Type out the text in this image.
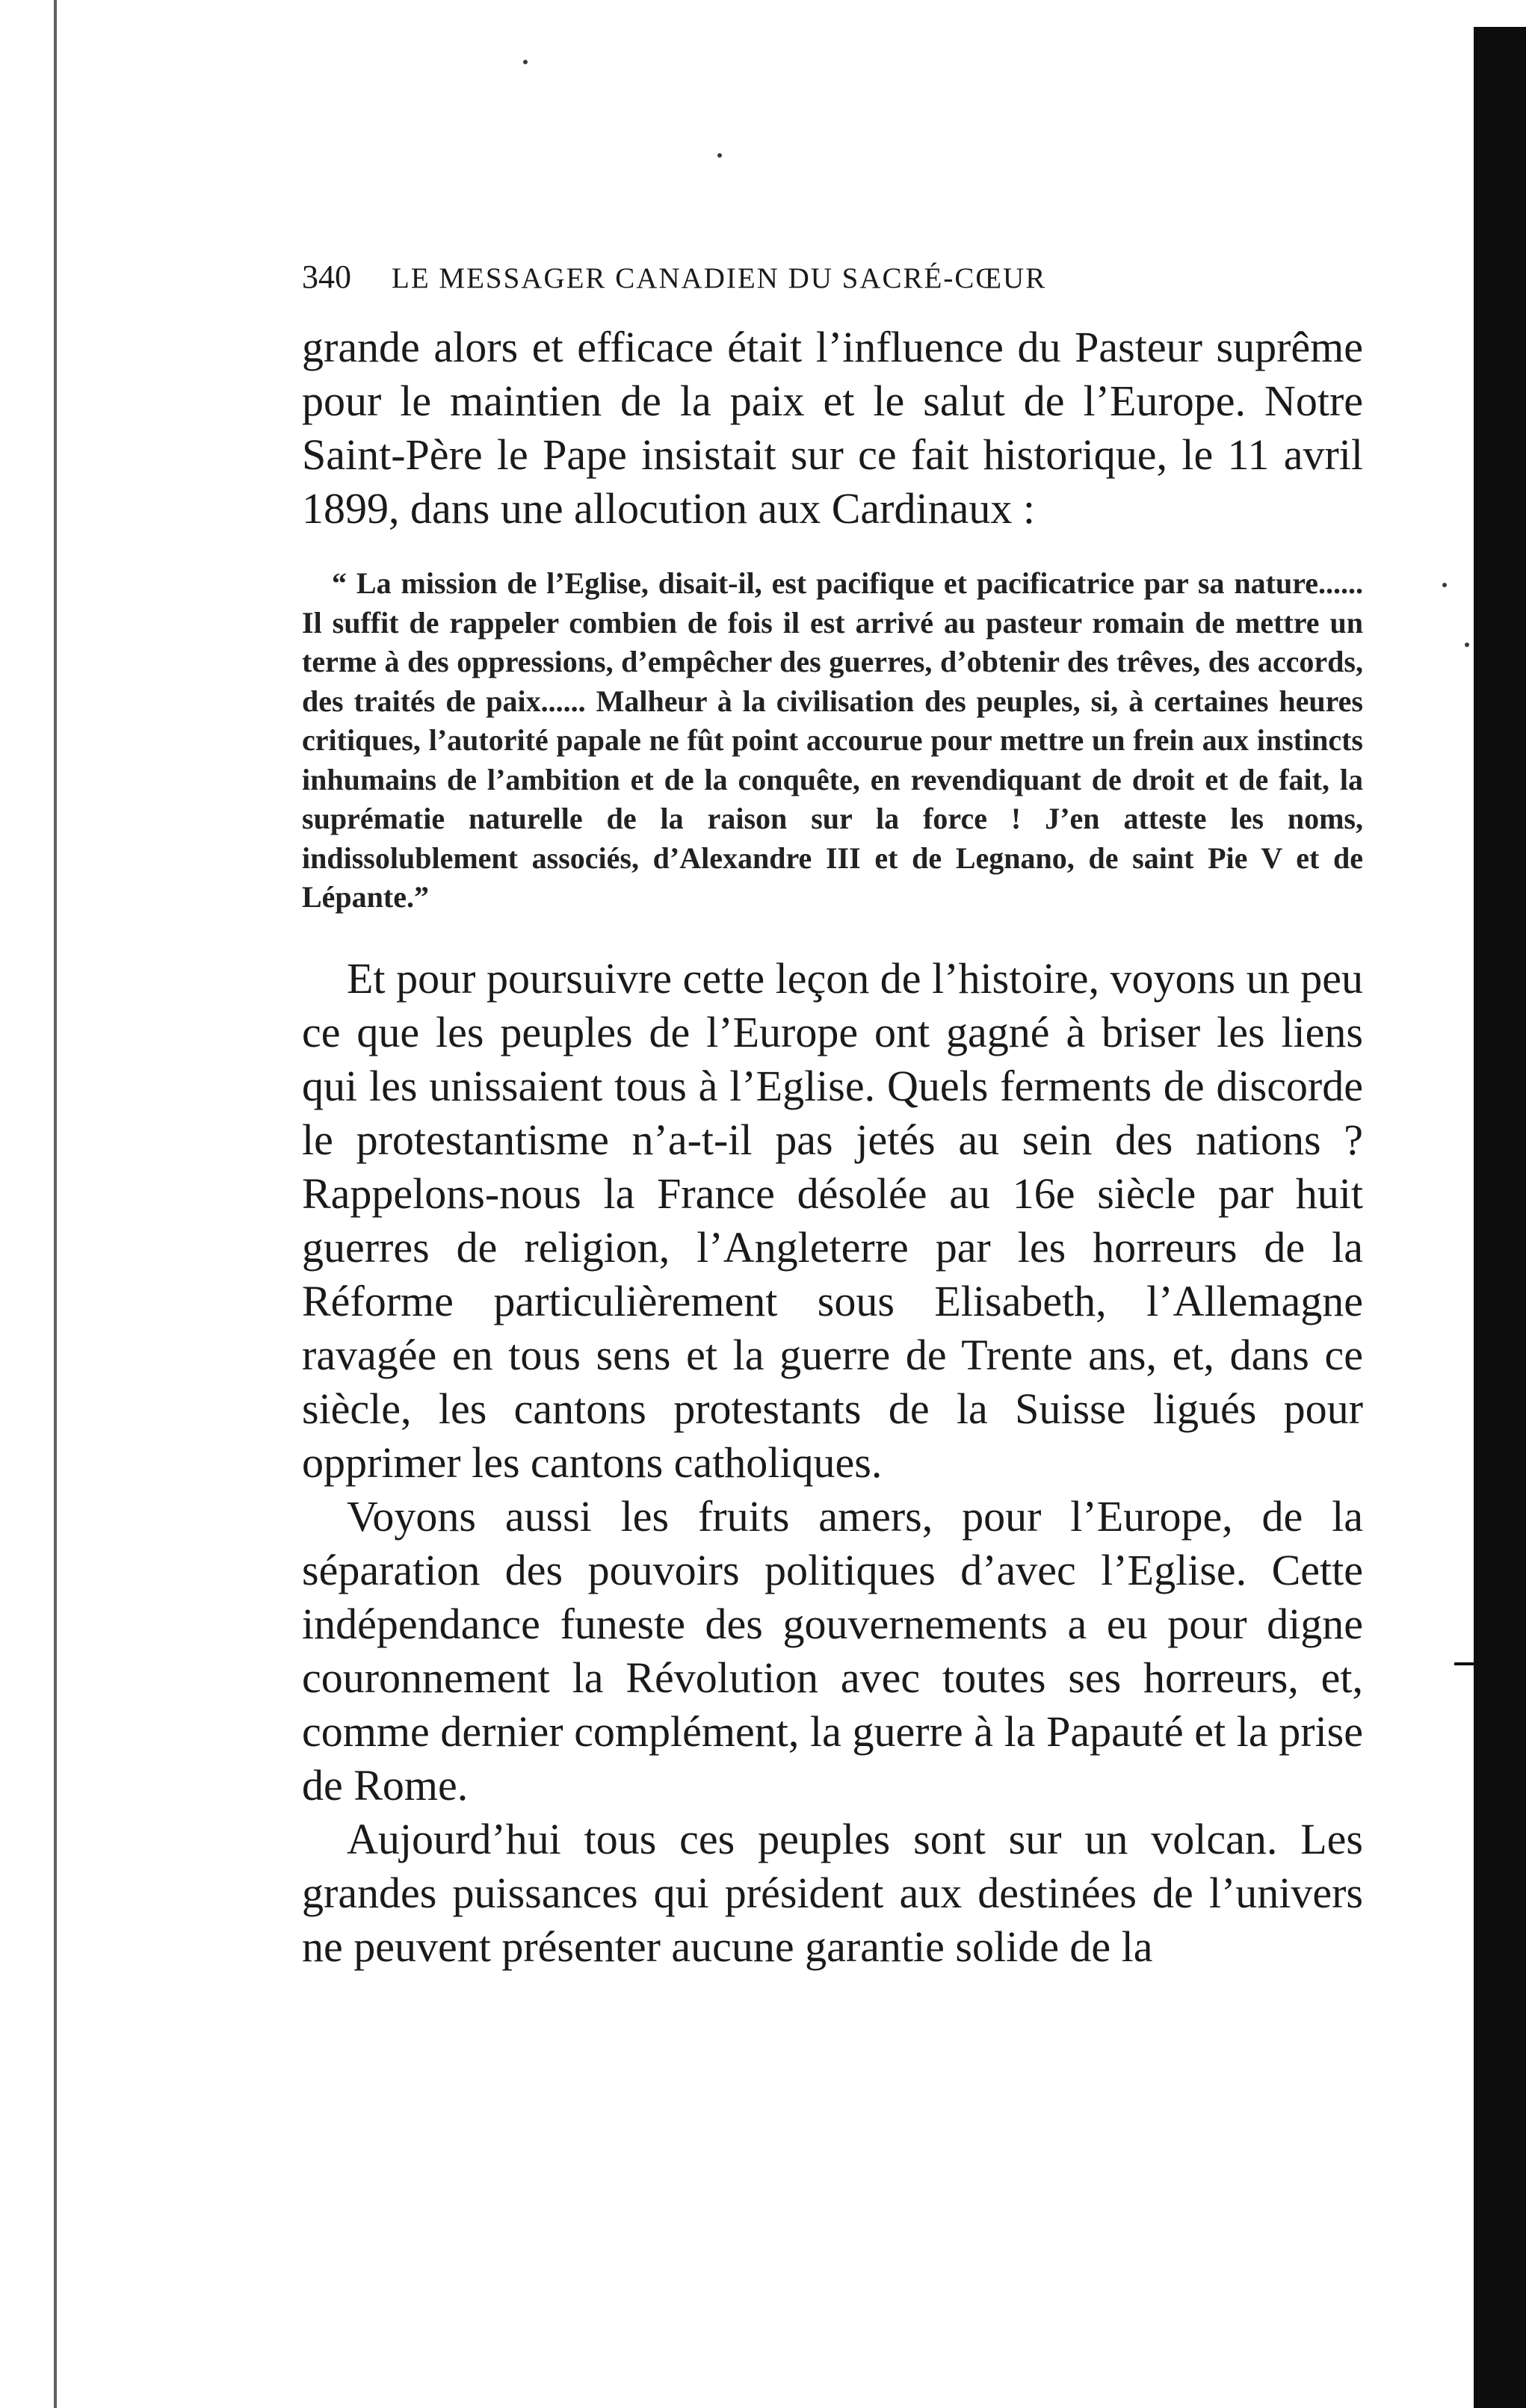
340	LE MESSAGER CANADIEN DU SACRÉ-CŒUR

grande alors et efficace était l’influence du Pasteur suprême pour le maintien de la paix et le salut de l’Europe. Notre Saint-Père le Pape insistait sur ce fait historique, le 11 avril 1899, dans une allocution aux Cardinaux :

“ La mission de l’Eglise, disait-il, est pacifique et pacificatrice par sa nature...... Il suffit de rappeler combien de fois il est arrivé au pasteur romain de mettre un terme à des oppressions, d’empêcher des guerres, d’obtenir des trêves, des accords, des traités de paix...... Malheur à la civilisation des peuples, si, à certaines heures critiques, l’autorité papale ne fût point accourue pour mettre un frein aux instincts inhumains de l’ambition et de la conquête, en revendiquant de droit et de fait, la suprématie naturelle de la raison sur la force ! J’en atteste les noms, indissolublement associés, d’Alexandre III et de Legnano, de saint Pie V et de Lépante.”

Et pour poursuivre cette leçon de l’histoire, voyons un peu ce que les peuples de l’Europe ont gagné à briser les liens qui les unissaient tous à l’Eglise. Quels ferments de discorde le protestantisme n’a-t-il pas jetés au sein des nations ? Rappelons-nous la France désolée au 16e siècle par huit guerres de religion, l’Angleterre par les horreurs de la Réforme particulièrement sous Elisabeth, l’Allemagne ravagée en tous sens et la guerre de Trente ans, et, dans ce siècle, les cantons protestants de la Suisse ligués pour opprimer les cantons catholiques.

Voyons aussi les fruits amers, pour l’Europe, de la séparation des pouvoirs politiques d’avec l’Eglise. Cette indépendance funeste des gouvernements a eu pour digne couronnement la Révolution avec toutes ses horreurs, et, comme dernier complément, la guerre à la Papauté et la prise de Rome.

Aujourd’hui tous ces peuples sont sur un volcan. Les grandes puissances qui président aux destinées de l’univers ne peuvent présenter aucune garantie solide de la
